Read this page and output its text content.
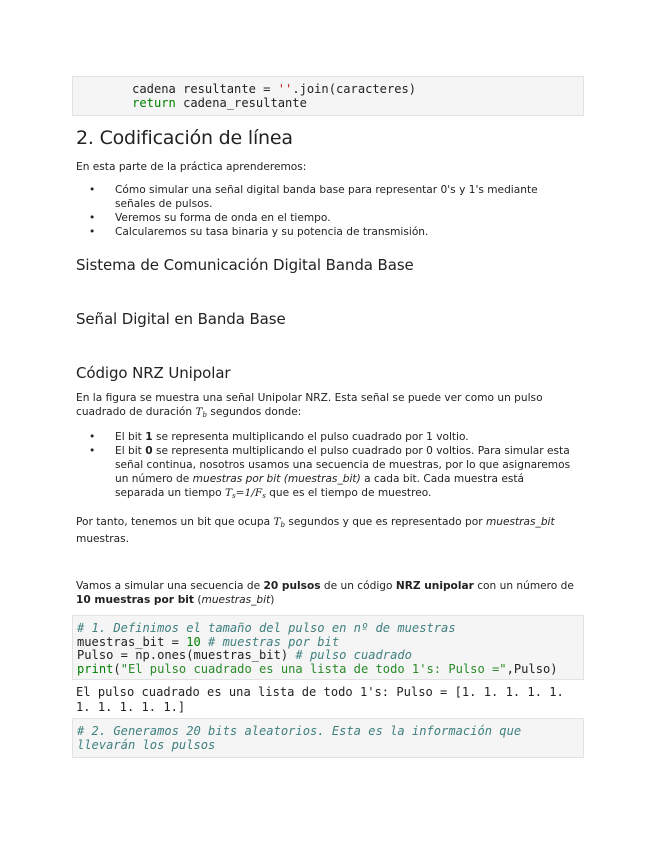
cadena resultante = ''.join(caracteres)
return cadena_resultante
2. Codificación de línea

En esta parte de la práctica aprenderemos:

• Cómo simular una señal digital banda base para representar 0's y 1's mediante señales de pulsos.
• Veremos su forma de onda en el tiempo.
• Calcularemos su tasa binaria y su potencia de transmisión.
Sistema de Comunicación Digital Banda Base
Señal Digital en Banda Base
Código NRZ Unipolar

En la figura se muestra una señal Unipolar NRZ. Esta señal se puede ver como un pulso cuadrado de duración Tb segundos donde:

• El bit 1 se representa multiplicando el pulso cuadrado por 1 voltio.
• El bit 0 se representa multiplicando el pulso cuadrado por 0 voltios. Para simular esta señal continua, nosotros usamos una secuencia de muestras, por lo que asignaremos un número de muestras por bit (muestras_bit) a cada bit. Cada muestra está separada un tiempo Ts=1/Fs que es el tiempo de muestreo.

Por tanto, tenemos un bit que ocupa Tb segundos y que es representado por muestras_bit muestras.

Vamos a simular una secuencia de 20 pulsos de un código NRZ unipolar con un número de 10 muestras por bit (muestras_bit)

# 1. Definimos el tamaño del pulso en nº de muestras
muestras_bit = 10 # muestras por bit
Pulso = np.ones(muestras_bit) # pulso cuadrado
print("El pulso cuadrado es una lista de todo 1's: Pulso =",Pulso)
El pulso cuadrado es una lista de todo 1's: Pulso = [1. 1. 1. 1. 1. 1. 1. 1. 1. 1.]
# 2. Generamos 20 bits aleatorios. Esta es la información que llevarán los pulsos
